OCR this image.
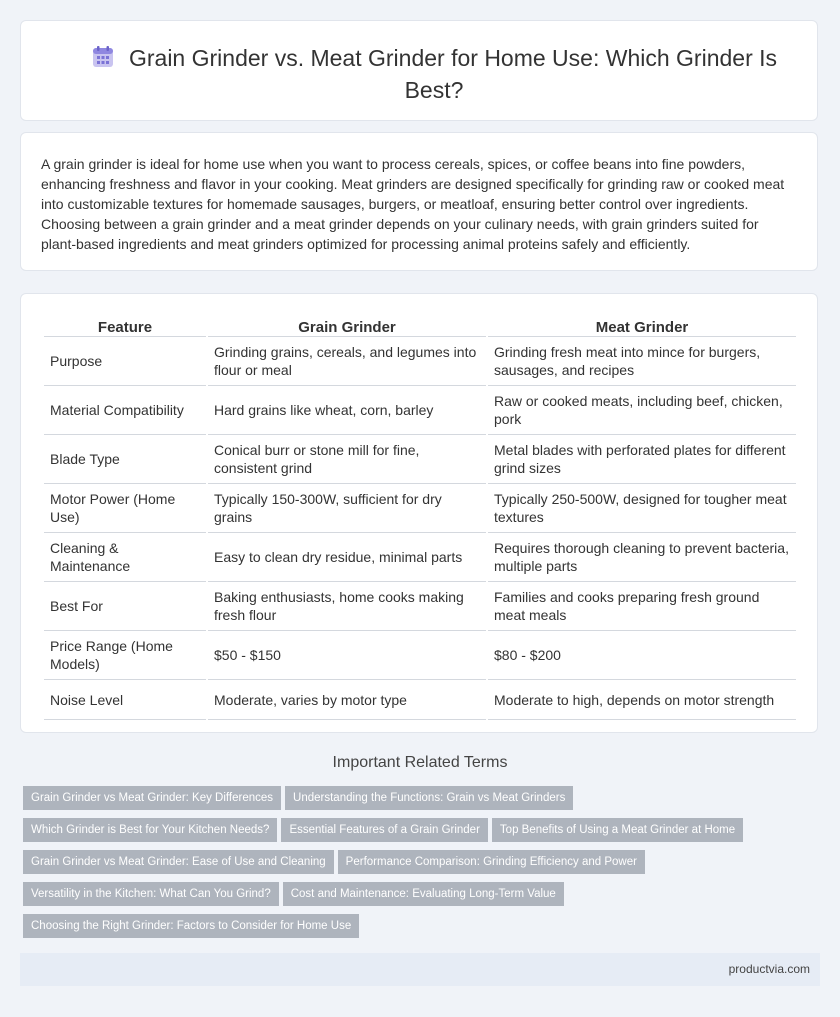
Grain Grinder vs. Meat Grinder for Home Use: Which Grinder Is Best?
A grain grinder is ideal for home use when you want to process cereals, spices, or coffee beans into fine powders, enhancing freshness and flavor in your cooking. Meat grinders are designed specifically for grinding raw or cooked meat into customizable textures for homemade sausages, burgers, or meatloaf, ensuring better control over ingredients. Choosing between a grain grinder and a meat grinder depends on your culinary needs, with grain grinders suited for plant-based ingredients and meat grinders optimized for processing animal proteins safely and efficiently.
Feature	Grain Grinder	Meat Grinder
Purpose	Grinding grains, cereals, and legumes into flour or meal	Grinding fresh meat into mince for burgers, sausages, and recipes
Material Compatibility	Hard grains like wheat, corn, barley	Raw or cooked meats, including beef, chicken, pork
Blade Type	Conical burr or stone mill for fine, consistent grind	Metal blades with perforated plates for different grind sizes
Motor Power (Home Use)	Typically 150-300W, sufficient for dry grains	Typically 250-500W, designed for tougher meat textures
Cleaning & Maintenance	Easy to clean dry residue, minimal parts	Requires thorough cleaning to prevent bacteria, multiple parts
Best For	Baking enthusiasts, home cooks making fresh flour	Families and cooks preparing fresh ground meat meals
Price Range (Home Models)	$50 - $150	$80 - $200
Noise Level	Moderate, varies by motor type	Moderate to high, depends on motor strength
Important Related Terms
Grain Grinder vs Meat Grinder: Key Differences Understanding the Functions: Grain vs Meat Grinders
Which Grinder is Best for Your Kitchen Needs? Essential Features of a Grain Grinder Top Benefits of Using a Meat Grinder at Home
Grain Grinder vs Meat Grinder: Ease of Use and Cleaning Performance Comparison: Grinding Efficiency and Power
Versatility in the Kitchen: What Can You Grind? Cost and Maintenance: Evaluating Long-Term Value
Choosing the Right Grinder: Factors to Consider for Home Use
productvia.com
